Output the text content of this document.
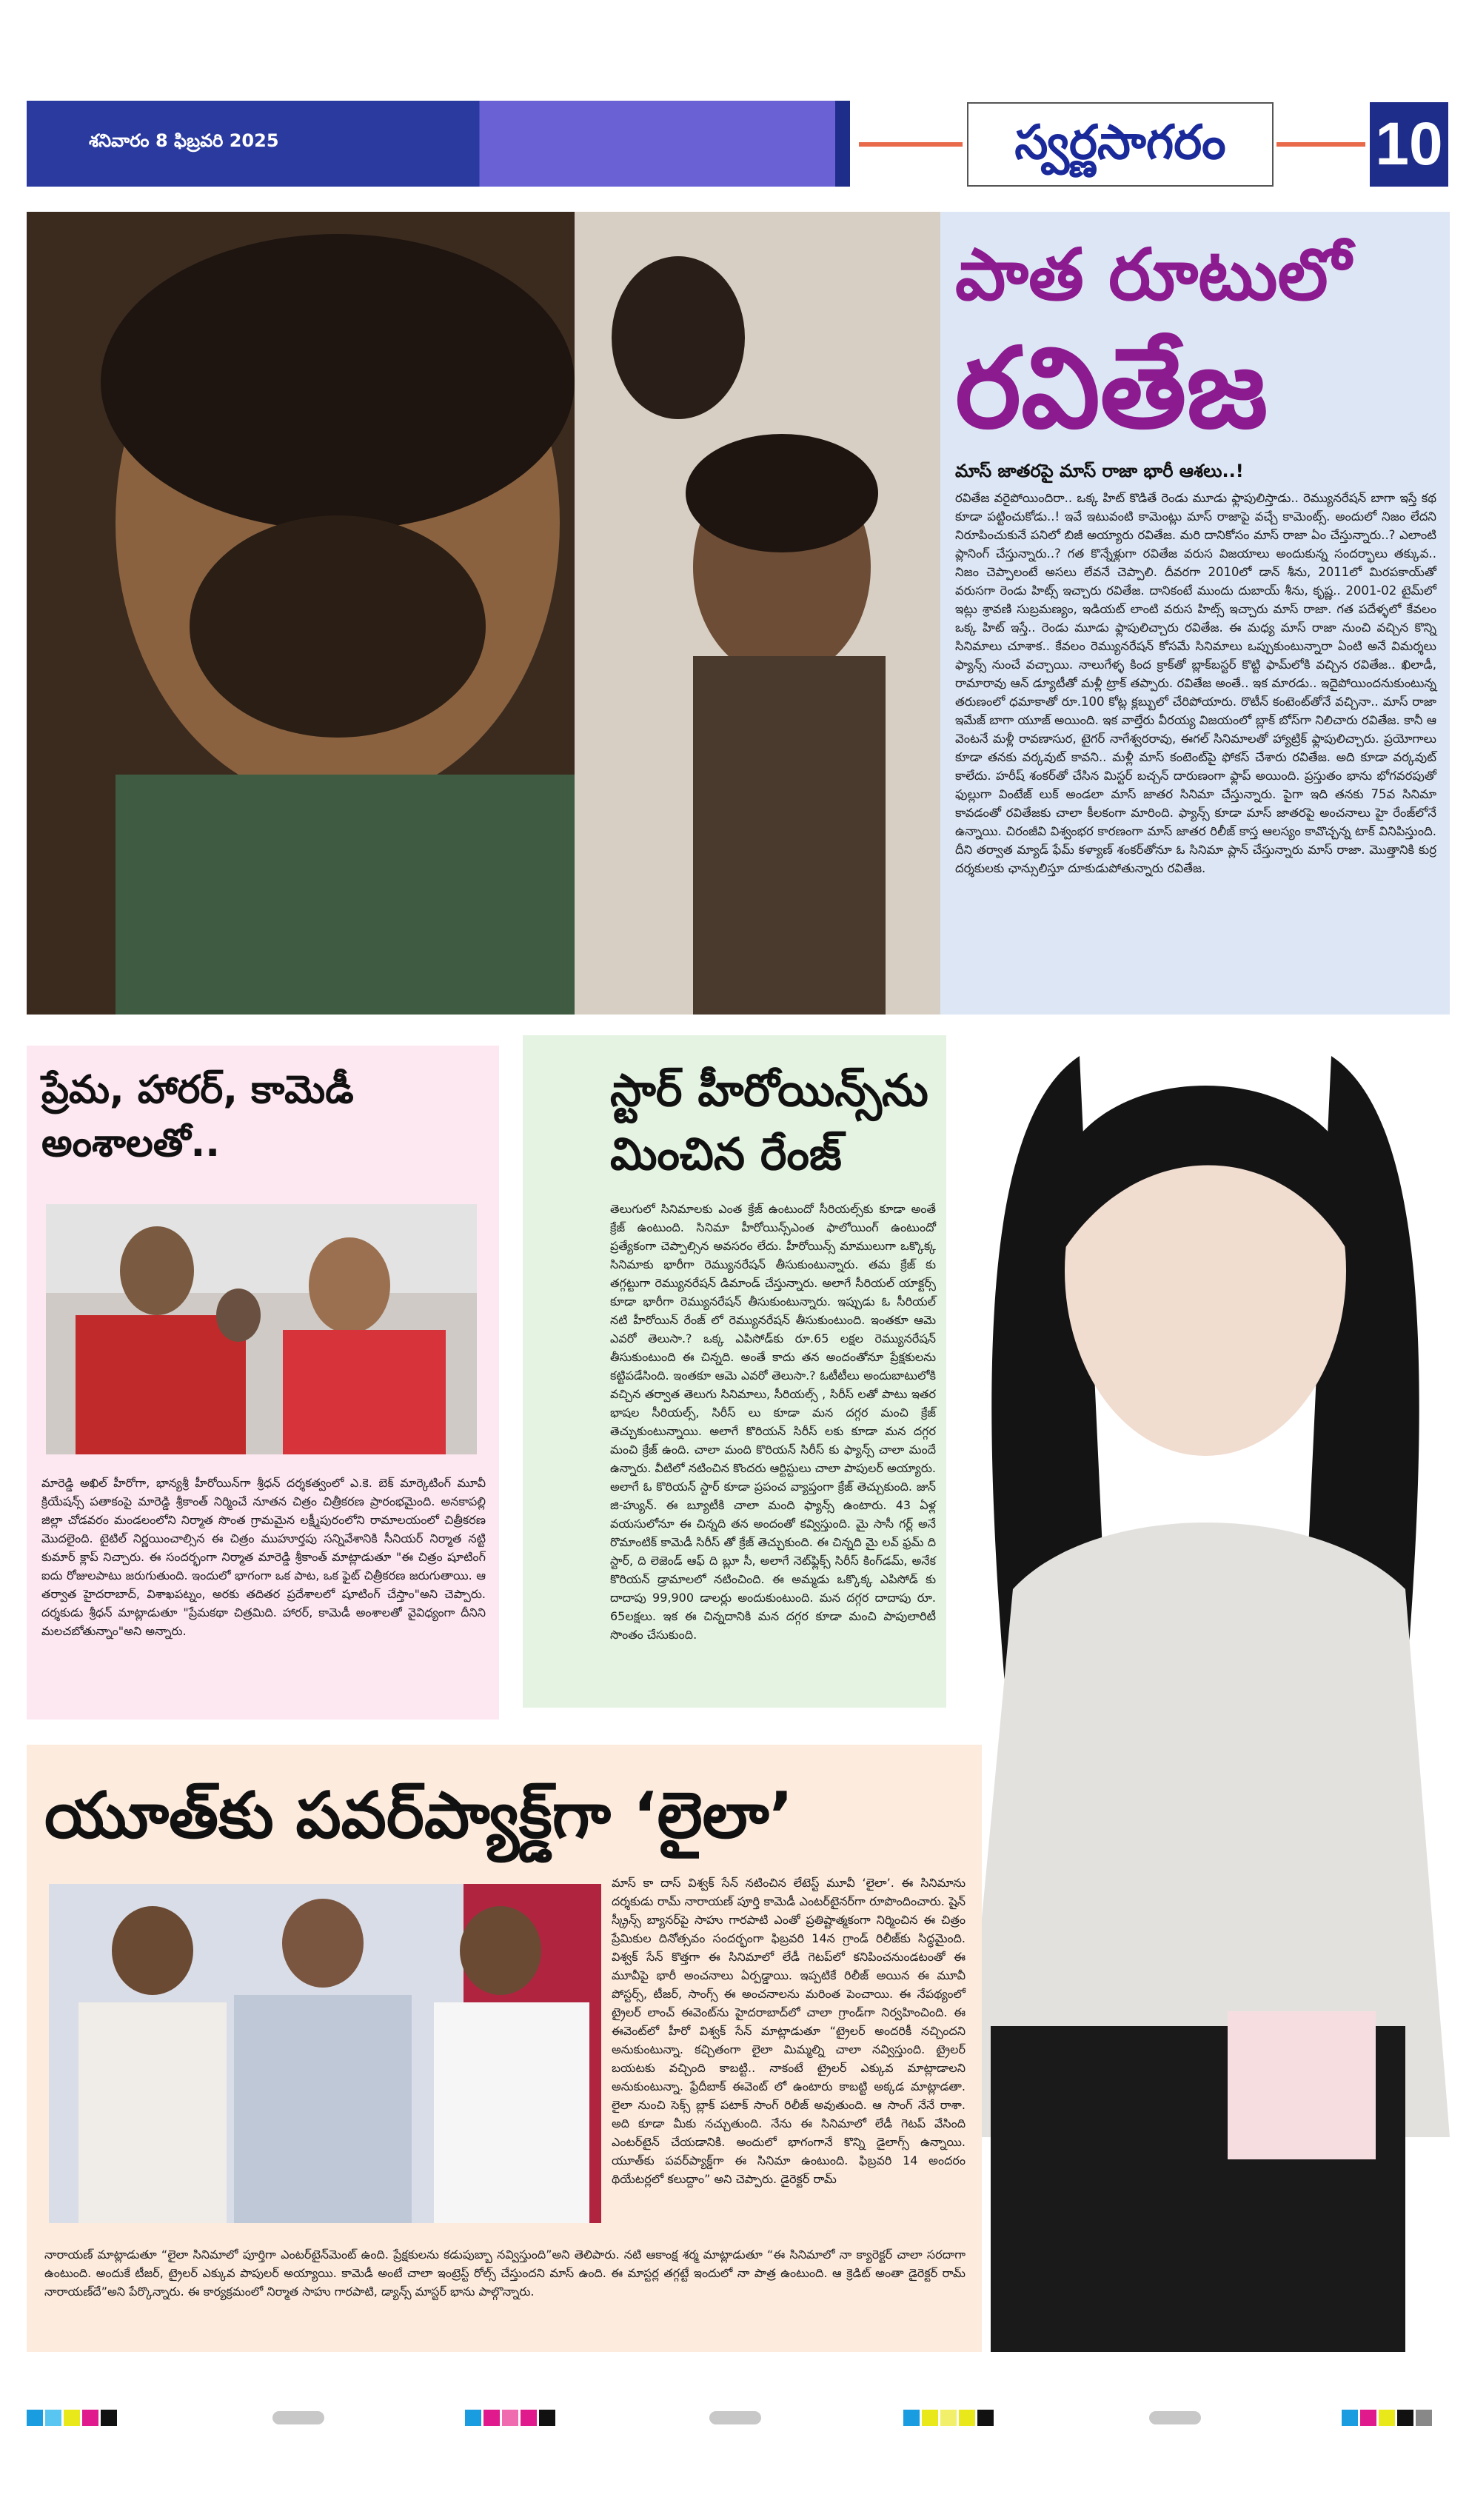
శనివారం 8 ఫిబ్రవరి 2025	స్వర్ణసాగరం	10
పాత రూటులో
రవితేజ
మాస్ జాతరపై మాస్ రాజా భారీ ఆశలు..!
రవితేజ వరైపోయిందిరా.. ఒక్క హిట్ కొడితే రెండు మూడు ఫ్లాపులిస్తాడు.. రెమ్యునరేషన్ బాగా ఇస్తే కథ కూడా పట్టించుకోడు..! ఇవే ఇటువంటి కామెంట్లు మాస్ రాజాపై వచ్చే కామెంట్స్. అందులో నిజం లేదని నిరూపించుకునే పనిలో బిజీ అయ్యారు రవితేజ. మరి దానికోసం మాస్ రాజా ఏం చేస్తున్నారు..? ఎలాంటి ప్లానింగ్ చేస్తున్నారు..? గత కొన్నేళ్లుగా రవితేజ వరుస విజయాలు అందుకున్న సందర్భాలు తక్కువ.. నిజం చెప్పాలంటే అసలు లేవనే చెప్పాలి. దీవరగా 2010లో డాన్ శీను, 2011లో మిరపకాయ్‌తో వరుసగా రెండు హిట్స్ ఇచ్చారు రవితేజ. దానికంటే ముందు దుబాయ్ శీను, కృష్ణ.. 2001-02 టైమ్‌లో ఇట్లు శ్రావణి సుబ్రమణ్యం, ఇడియట్ లాంటి వరుస హిట్స్ ఇచ్చారు మాస్ రాజా. గత పదేళ్ళలో కేవలం ఒక్క హిట్ ఇస్తే.. రెండు మూడు ఫ్లాపులిచ్చారు రవితేజ. ఈ మధ్య మాస్ రాజా నుంచి వచ్చిన కొన్ని సినిమాలు చూశాక.. కేవలం రెమ్యునరేషన్ కోసమే సినిమాలు ఒప్పుకుంటున్నారా ఏంటి అనే విమర్శలు ఫ్యాన్స్ నుంచే వచ్చాయి. నాలుగేళ్ళ కింద క్రాక్‌తో బ్లాక్‌బస్టర్ కొట్టి ఫామ్‌లోకి వచ్చిన రవితేజ.. ఖిలాడీ, రామారావు ఆన్ డ్యూటీతో మళ్లీ ట్రాక్ తప్పారు. రవితేజ అంతే.. ఇక మారడు.. ఇదైపోయిందనుకుంటున్న తరుణంలో ధమాకాతో రూ.100 కోట్ల క్లబ్బులో చేరిపోయారు. రొటీన్ కంటెంట్‌తోనే వచ్చినా.. మాస్ రాజా ఇమేజ్ బాగా యూజ్ అయింది. ఇక వాల్తేరు వీరయ్య విజయంలో బ్లాక్ బోస్‌గా నిలిచారు రవితేజ. కానీ ఆ వెంటనే మళ్లీ రావణాసుర, టైగర్ నాగేశ్వరరావు, ఈగల్ సినిమాలతో హ్యాట్రిక్ ఫ్లాపులిచ్చారు. ప్రయోగాలు కూడా తనకు వర్కవుట్ కావని.. మళ్లీ మాస్ కంటెంట్‌పై ఫోకస్ చేశారు రవితేజ. అది కూడా వర్కవుట్ కాలేదు. హరీష్ శంకర్‌తో చేసిన మిస్టర్ బచ్చన్ దారుణంగా ఫ్లాప్ అయింది. ప్రస్తుతం భాను భోగవరపుతో ఫుల్లుగా వింటేజ్ లుక్ అండలా మాస్ జాతర సినిమా చేస్తున్నారు. పైగా ఇది తనకు 75వ సినిమా కావడంతో రవితేజకు చాలా కీలకంగా మారింది. ఫ్యాన్స్ కూడా మాస్ జాతరపై అంచనాలు హై రేంజ్‌లోనే ఉన్నాయి. చిరంజీవి విశ్వంభర కారణంగా మాస్ జాతర రిలీజ్ కాస్త ఆలస్యం కావొచ్చన్న టాక్ వినిపిస్తుంది. దీని తర్వాత మ్యాడ్ ఫేమ్ కళ్యాణ్ శంకర్‌తోనూ ఓ సినిమా ప్లాన్ చేస్తున్నారు మాస్ రాజా. మొత్తానికి కుర్ర దర్శకులకు ఛాన్సులిస్తూ దూకుడుపోతున్నారు రవితేజ.
ప్రేమ, హారర్, కామెడీ అంశాలతో..
మారెడ్డి అఖిల్ హీరోగా, భాన్యశ్రీ హీరోయిన్‌గా శ్రీధన్ దర్శకత్వంలో ఎ.కె. బెక్ మార్కెటింగ్ మూవీ క్రియేషన్స్ పతాకంపై మారెడ్డి శ్రీకాంత్ నిర్మించే నూతన చిత్రం చిత్రీకరణ ప్రారంభమైంది. అనకాపల్లి జిల్లా చోడవరం మండలంలోని నిర్మాత సొంత గ్రామమైన లక్ష్మీపురంలోని రామాలయంలో చిత్రీకరణ మొదలైంది. టైటిల్ నిర్ణయించాల్సిన ఈ చిత్రం ముహూర్తపు సన్నివేశానికి సీనియర్ నిర్మాత నట్టి కుమార్ క్లాప్ నిచ్చారు. ఈ సందర్భంగా నిర్మాత మారెడ్డి శ్రీకాంత్ మాట్లాడుతూ "ఈ చిత్రం షూటింగ్ ఐదు రోజులపాటు జరుగుతుంది. ఇందులో భాగంగా ఒక పాట, ఒక ఫైట్ చిత్రీకరణ జరుగుతాయి. ఆ తర్వాత హైదరాబాద్, విశాఖపట్నం, అరకు తదితర ప్రదేశాలలో షూటింగ్ చేస్తాం"అని చెప్పారు. దర్శకుడు శ్రీధన్ మాట్లాడుతూ "ప్రేమకథా చిత్రమిది. హారర్, కామెడీ అంశాలతో వైవిధ్యంగా దీనిని మలచబోతున్నాం"అని అన్నారు.
స్టార్ హీరోయిన్స్‌ను
మించిన రేంజ్
తెలుగులో సినిమాలకు ఎంత క్రేజ్ ఉంటుందో సీరియల్స్‌కు కూడా అంతే క్రేజ్ ఉంటుంది. సినిమా హీరోయిన్స్‌ఎంత ఫాలోయింగ్ ఉంటుందో ప్రత్యేకంగా చెప్పాల్సిన అవసరం లేదు. హీరోయిన్స్ మాములుగా ఒక్కొక్క సినిమాకు భారీగా రెమ్యునరేషన్ తీసుకుంటున్నారు. తమ క్రేజ్ కు తగ్గట్టుగా రెమ్యునరేషన్ డిమాండ్ చేస్తున్నారు. అలాగే సీరియల్ యాక్టర్స్ కూడా భారీగా రెమ్యునరేషన్ తీసుకుంటున్నారు. ఇప్పుడు ఓ సీరియల్ నటి హీరోయిన్ రేంజ్ లో రెమ్యునరేషన్ తీసుకుంటుంది. ఇంతకూ ఆమె ఎవరో తెలుసా.? ఒక్క ఎపిసోడ్‌కు రూ.65 లక్షల రెమ్యునరేషన్ తీసుకుంటుంది ఈ చిన్నది. అంతే కాదు తన అందంతోనూ ప్రేక్షకులను కట్టిపడేసింది. ఇంతకూ ఆమె ఎవరో తెలుసా.? ఓటీటీలు అందుబాటులోకి వచ్చిన తర్వాత తెలుగు సినిమాలు, సీరియల్స్ , సిరీస్ లతో పాటు ఇతర భాషల సీరియల్స్, సిరీస్ లు కూడా మన దగ్గర మంచి క్రేజ్ తెచ్చుకుంటున్నాయి. అలాగే కొరియన్ సిరీస్ లకు కూడా మన దగ్గర మంచి క్రేజ్ ఉంది. చాలా మంది కొరియన్ సిరీస్ కు ఫ్యాన్స్ చాలా మందే ఉన్నారు. వీటిలో నటించిన కొందరు ఆర్టిస్టులు చాలా పాపులర్ అయ్యారు. అలాగే ఓ కొరియన్ స్టార్ కూడా ప్రపంచ వ్యాప్తంగా క్రేజ్ తెచ్చుకుంది. జున్ జి-హ్యున్. ఈ బ్యూటీకి చాలా మంది ఫ్యాన్స్ ఉంటారు. 43 ఏళ్ల వయసులోనూ ఈ చిన్నది తన అందంతో కవ్విస్తుంది. మై సాసీ గర్ల్ అనే రొమాంటిక్ కామెడీ సిరీస్ తో క్రేజ్ తెచ్చుకుంది. ఈ చిన్నది మై లవ్ ఫ్రమ్ ది స్టార్, ది లెజెండ్ ఆఫ్ ది బ్లూ సీ, అలాగే నెట్‌ఫ్లిక్స్ సిరీస్ కింగ్‌డమ్, అనేక కొరియన్ డ్రామాలలో నటించింది. ఈ అమ్మడు ఒక్కొక్క ఎపిసోడ్ కు దాదాపు 99,900 డాలర్లు అందుకుంటుంది. మన దగ్గర దాదాపు రూ. 65లక్షలు. ఇక ఈ చిన్నదానికి మన దగ్గర కూడా మంచి పాపులారిటీ సొంతం చేసుకుంది.
యూత్‌కు పవర్‌ప్యాక్డ్‌గా ‘లైలా’
మాస్ కా దాస్ విశ్వక్ సేన్ నటించిన లేటెస్ట్ మూవీ ‘లైలా’. ఈ సినిమాను దర్శకుడు రామ్ నారాయణ్ పూర్తి కామెడీ ఎంటర్‌టైనర్‌గా రూపొందించారు. షైన్ స్క్రీన్స్ బ్యానర్‌పై సాహు గారపాటి ఎంతో ప్రతిష్టాత్మకంగా నిర్మించిన ఈ చిత్రం ప్రేమికుల దినోత్సవం సందర్భంగా ఫిబ్రవరి 14న గ్రాండ్ రిలీజ్‌కు సిద్ధమైంది. విశ్వక్ సేన్ కొత్తగా ఈ సినిమాలో లేడీ గెటప్‌లో కనిపించనుండటంతో ఈ మూవీపై భారీ అంచనాలు ఏర్పడ్డాయి. ఇప్పటికే రిలీజ్ అయిన ఈ మూవీ పోస్టర్స్, టీజర్, సాంగ్స్ ఈ అంచనాలను మరింత పెంచాయి. ఈ నేపథ్యంలో ట్రైలర్ లాంచ్ ఈవెంట్‌ను హైదరాబాద్‌లో చాలా గ్రాండ్‌గా నిర్వహించింది. ఈ ఈవెంట్‌లో హీరో విశ్వక్ సేన్ మాట్లాడుతూ “ట్రైలర్ అందరికీ నచ్చిందని అనుకుంటున్నా. కచ్చితంగా లైలా మిమ్మల్ని చాలా నవ్విస్తుంది. ట్రైలర్ బయటకు వచ్చింది కాబట్టి.. నాకంటే ట్రైలర్ ఎక్కువ మాట్లాడాలని అనుకుంటున్నా. ఫ్రేదీబాక్ ఈవెంట్ లో ఉంటారు కాబట్టి అక్కడ మాట్లాడతా. లైలా నుంచి సెక్స్ బ్లాక్ పటాక్ సాంగ్ రిలీజ్ అవుతుంది. ఆ సాంగ్ నేనే రాశా. అది కూడా మీకు నచ్చుతుంది. నేను ఈ సినిమాలో లేడీ గెటప్ వేసింది ఎంటర్‌టైన్ చేయడానికి. అందులో భాగంగానే కొన్ని డైలాగ్స్ ఉన్నాయి. యూత్‌కు పవర్‌ప్యాక్డ్‌గా ఈ సినిమా ఉంటుంది. ఫిబ్రవరి 14 అందరం థియేటర్లలో కలుద్దాం” అని చెప్పారు. డైరెక్టర్ రామ్
నారాయణ్ మాట్లాడుతూ “లైలా సినిమాలో పూర్తిగా ఎంటర్‌టైన్‌మెంట్ ఉంది. ప్రేక్షకులను కడుపుబ్బా నవ్విస్తుంది”అని తెలిపారు. నటి ఆకాంక్ష శర్మ మాట్లాడుతూ “ఈ సినిమాలో నా క్యారెక్టర్ చాలా సరదాగా ఉంటుంది. అందుకే టీజర్, ట్రైలర్ ఎక్కువ పాపులర్ అయ్యాయి. కామెడీ అంటే చాలా ఇంట్రెస్ట్ రోల్స్ చేస్తుందని మాస్ ఉంది. ఈ మాస్టర్ల తగ్గట్టే ఇందులో నా పాత్ర ఉంటుంది. ఆ క్రెడిట్ అంతా డైరెక్టర్ రామ్ నారాయణ్‌దే”అని పేర్కొన్నారు. ఈ కార్యక్రమంలో నిర్మాత సాహు గారపాటి, డ్యాన్స్ మాస్టర్ భాను పాల్గొన్నారు.
